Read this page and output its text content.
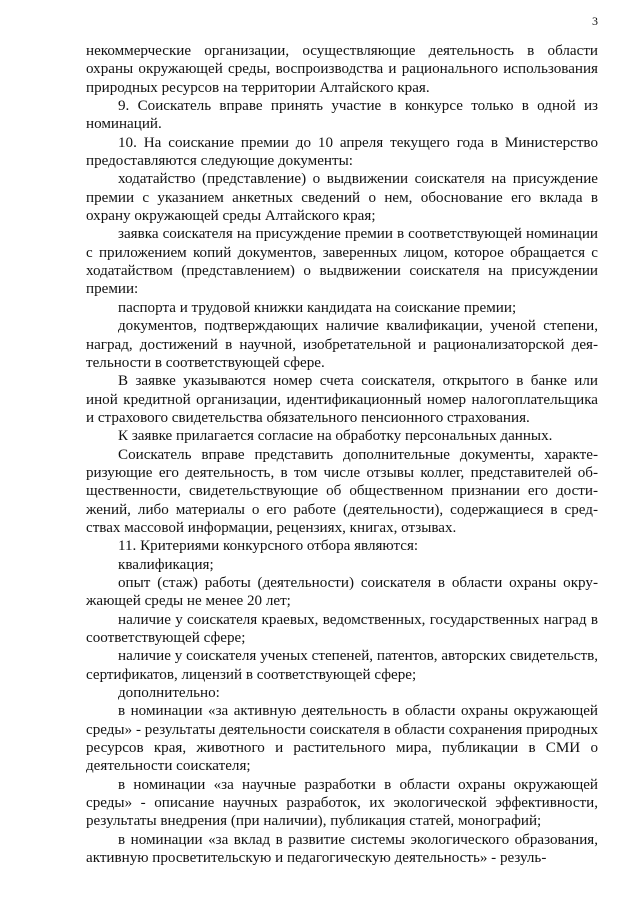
3

некоммерческие организации, осуществляющие деятельность в области охраны окружающей среды, воспроизводства и рационального использования природных ресурсов на территории Алтайского края.

9. Соискатель вправе принять участие в конкурсе только в одной из номинаций.

10. На соискание премии до 10 апреля текущего года в Министерство предоставляются следующие документы:

ходатайство (представление) о выдвижении соискателя на присуждение премии с указанием анкетных сведений о нем, обоснование его вклада в охрану окружающей среды Алтайского края;

заявка соискателя на присуждение премии в соответствующей номинации с приложением копий документов, заверенных лицом, которое обращается с ходатайством (представлением) о выдвижении соискателя на присуждении премии:

паспорта и трудовой книжки кандидата на соискание премии;

документов, подтверждающих наличие квалификации, ученой степени, наград, достижений в научной, изобретательной и рационализаторской деятельности в соответствующей сфере.

В заявке указываются номер счета соискателя, открытого в банке или иной кредитной организации, идентификационный номер налогоплательщика и страхового свидетельства обязательного пенсионного страхования.

К заявке прилагается согласие на обработку персональных данных.

Соискатель вправе представить дополнительные документы, характеризующие его деятельность, в том числе отзывы коллег, представителей общественности, свидетельствующие об общественном признании его достижений, либо материалы о его работе (деятельности), содержащиеся в средствах массовой информации, рецензиях, книгах, отзывах.

11. Критериями конкурсного отбора являются:

квалификация;

опыт (стаж) работы (деятельности) соискателя в области охраны окружающей среды не менее 20 лет;

наличие у соискателя краевых, ведомственных, государственных наград в соответствующей сфере;

наличие у соискателя ученых степеней, патентов, авторских свидетельств, сертификатов, лицензий в соответствующей сфере;

дополнительно:

в номинации «за активную деятельность в области охраны окружающей среды» - результаты деятельности соискателя в области сохранения природных ресурсов края, животного и растительного мира, публикации в СМИ о деятельности соискателя;

в номинации «за научные разработки в области охраны окружающей среды» - описание научных разработок, их экологической эффективности, результаты внедрения (при наличии), публикация статей, монографий;

в номинации «за вклад в развитие системы экологического образования, активную просветительскую и педагогическую деятельность» - резуль-
